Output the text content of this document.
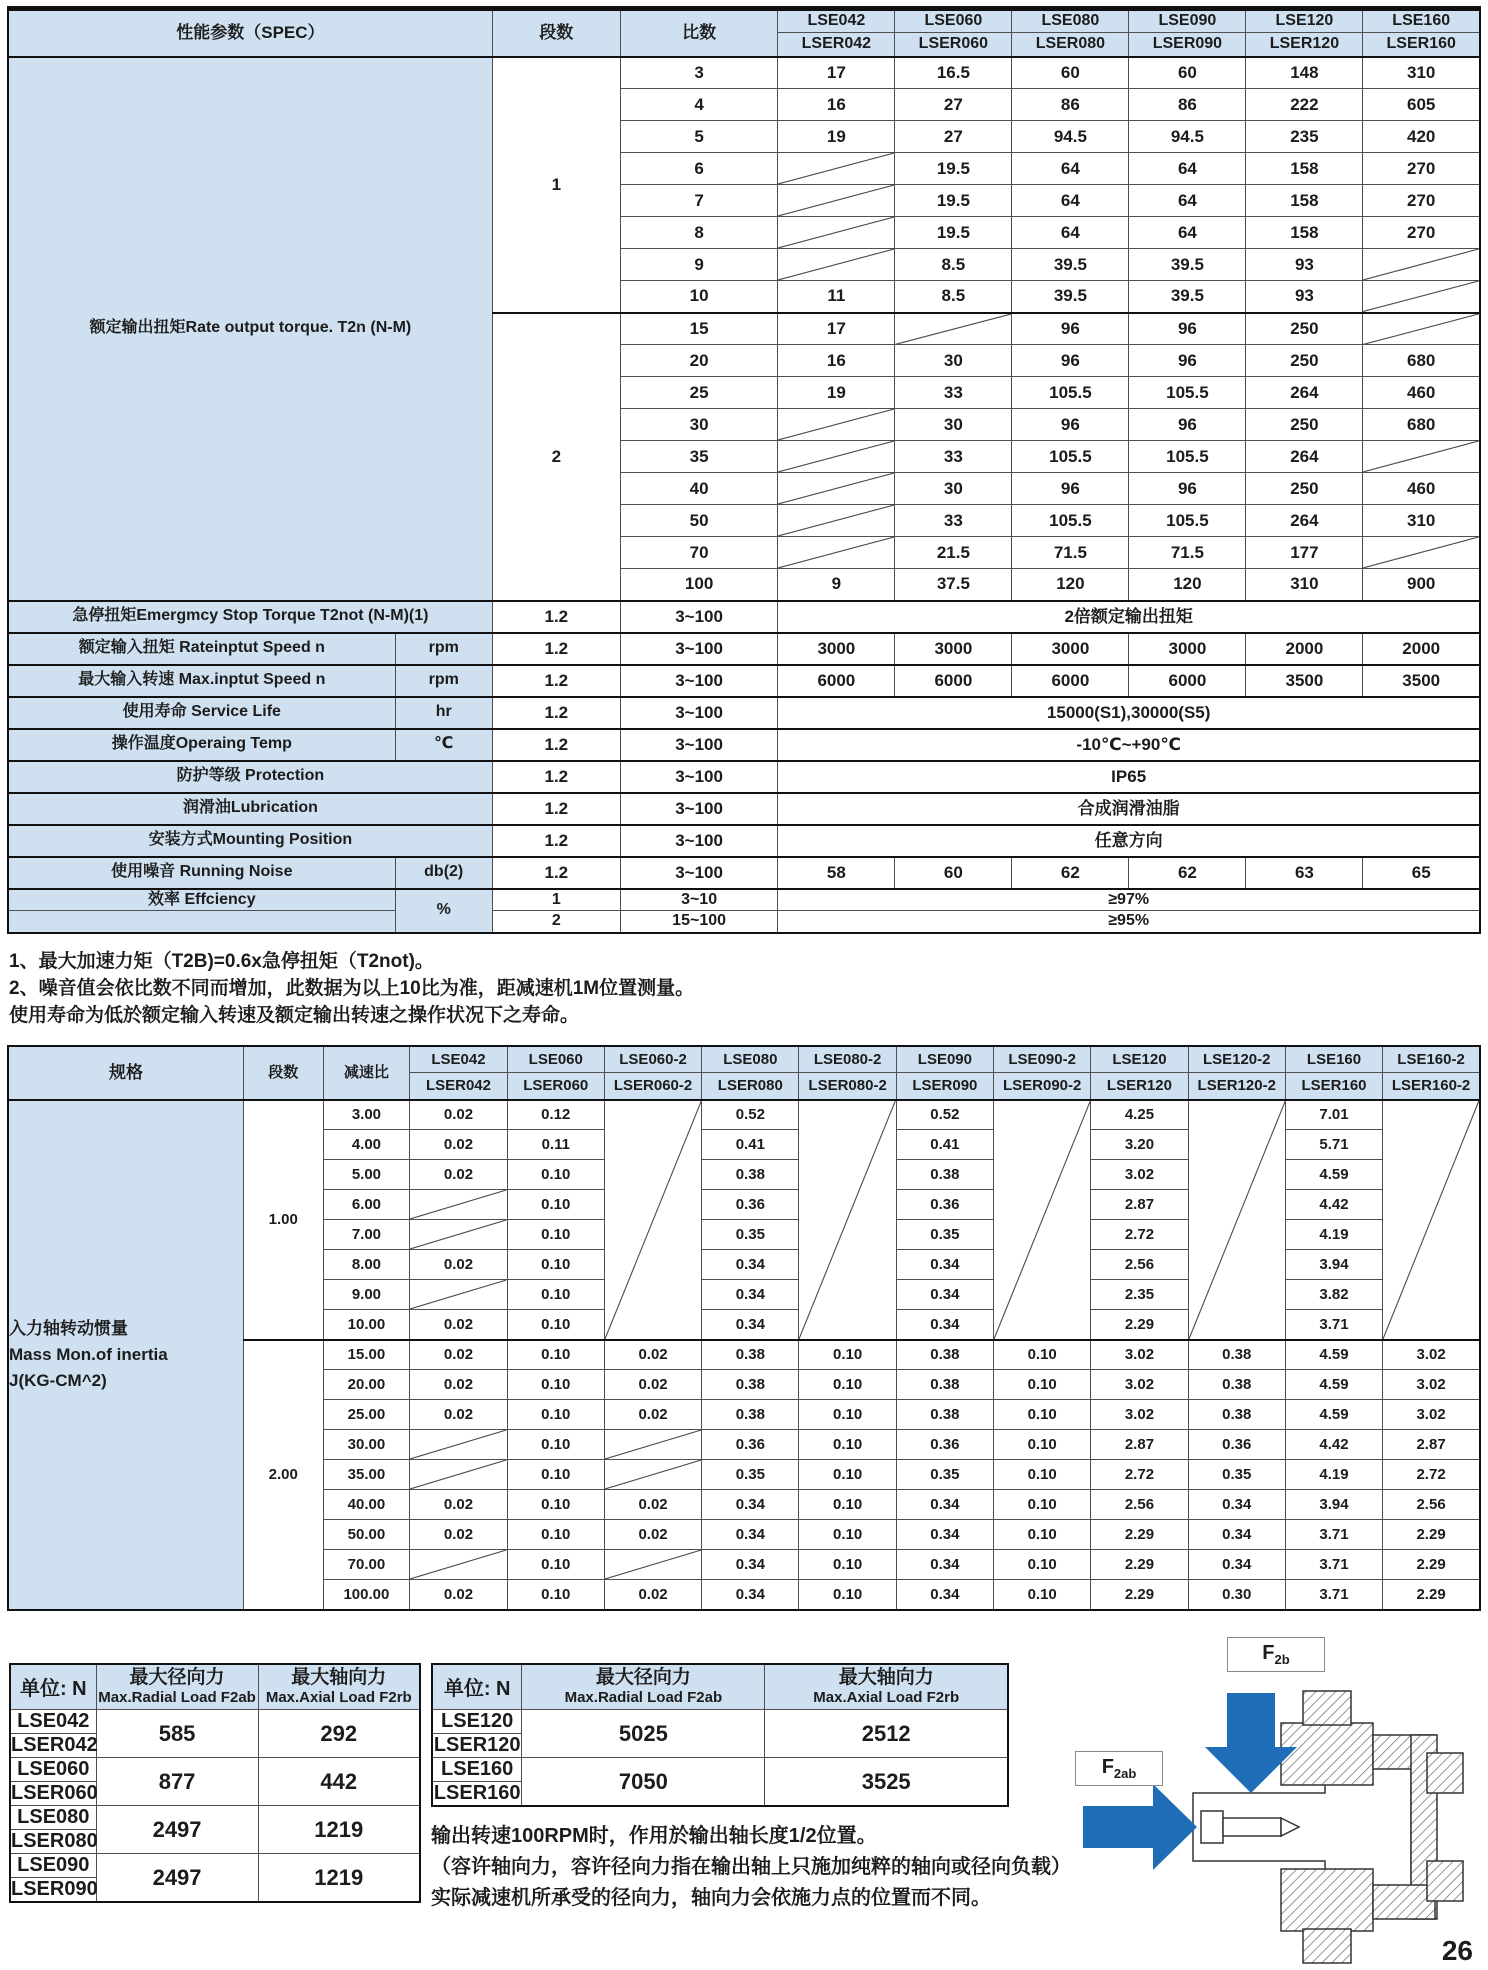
性能参数（SPEC）		段数	比数	LSE042	LSE060	LSE080	LSE090	LSE120	LSE160
				LSER042	LSER060	LSER080	LSER090	LSER120	LSER160
额定输出扭矩Rate output torque. T2n (N-M)		1	3	17	16.5	60	60	148	310
			4	16	27	86	86	222	605
			5	19	27	94.5	94.5	235	420
			6		19.5	64	64	158	270
			7		19.5	64	64	158	270
			8		19.5	64	64	158	270
			9		8.5	39.5	39.5	93	

			10	11	8.5	39.5	39.5	93	

		2	15	17		96	96	250	

			20	16	30	96	96	250	680
			25	19	33	105.5	105.5	264	460
			30		30	96	96	250	680
			35		33	105.5	105.5	264	

			40		30	96	96	250	460
			50		33	105.5	105.5	264	310
			70		21.5	71.5	71.5	177	

			100	9	37.5	120	120	310	900
急停扭矩Emergmcy Stop Torque T2not (N-M)(1)		1.2	3~100	2倍额定输出扭矩					
额定输入扭矩 Rateinptut Speed n	rpm	1.2	3~100	3000	3000	3000	3000	2000	2000
最大输入转速 Max.inptut Speed n	rpm	1.2	3~100	6000	6000	6000	6000	3500	3500
使用寿命 Service Life	hr	1.2	3~100	15000(S1),30000(S5)					
操作温度Operaing Temp	℃	1.2	3~100	-10℃~+90℃					
防护等级 Protection		1.2	3~100	IP65					
润滑油Lubrication		1.2	3~100	合成润滑油脂					
安装方式Mounting Position		1.2	3~100	任意方向					
使用噪音 Running Noise	db(2)	1.2	3~100	58	60	62	62	63	65
效率 Effciency	%	1	3~10	≥97%					
		2	15~100	≥95%					
1、最大加速力矩（T2B)=0.6x急停扭矩（T2not)。
2、噪音值会依比数不同而增加，此数据为以上10比为准，距减速机1M位置测量。
使用寿命为低於额定输入转速及额定输出转速之操作状况下之寿命。
规格	段数	减速比	LSE042	LSE060	LSE060-2	LSE080	LSE080-2	LSE090	LSE090-2	LSE120	LSE120-2	LSE160	LSE160-2
			LSER042	LSER060	LSER060-2	LSER080	LSER080-2	LSER090	LSER090-2	LSER120	LSER120-2	LSER160	LSER160-2

入力轴转动惯量
Mass Mon.of inertia
J(KG-CM^2)	1.00	3.00	0.02	0.12		0.52		0.52		4.25		7.01	

		4.00	0.02	0.11		0.41		0.41		3.20		5.71	
		5.00	0.02	0.10		0.38		0.38		3.02		4.59	
		6.00		0.10		0.36		0.36		2.87		4.42	
		7.00		0.10		0.35		0.35		2.72		4.19	
		8.00	0.02	0.10		0.34		0.34		2.56		3.94	
		9.00		0.10		0.34		0.34		2.35		3.82	
		10.00	0.02	0.10		0.34		0.34		2.29		3.71	
	2.00	15.00	0.02	0.10	0.02	0.38	0.10	0.38	0.10	3.02	0.38	4.59	3.02
		20.00	0.02	0.10	0.02	0.38	0.10	0.38	0.10	3.02	0.38	4.59	3.02
		25.00	0.02	0.10	0.02	0.38	0.10	0.38	0.10	3.02	0.38	4.59	3.02
		30.00		0.10		0.36	0.10	0.36	0.10	2.87	0.36	4.42	2.87
		35.00		0.10		0.35	0.10	0.35	0.10	2.72	0.35	4.19	2.72
		40.00	0.02	0.10	0.02	0.34	0.10	0.34	0.10	2.56	0.34	3.94	2.56
		50.00	0.02	0.10	0.02	0.34	0.10	0.34	0.10	2.29	0.34	3.71	2.29
		70.00		0.10		0.34	0.10	0.34	0.10	2.29	0.34	3.71	2.29
		100.00	0.02	0.10	0.02	0.34	0.10	0.34	0.10	2.29	0.30	3.71	2.29
单位: N	
最大径向力
Max.Radial Load F2ab

最大轴向力
Max.Axial Load F2rb

LSE042	585	292
LSER042		
LSE060	877	442
LSER060		
LSE080	2497	1219
LSER080		
LSE090	2497	1219
LSER090		
单位: N	
最大径向力
Max.Radial Load F2ab

最大轴向力
Max.Axial Load F2rb

LSE120	5025	2512
LSER120		
LSE160	7050	3525
LSER160		
输出转速100RPM时，作用於输出轴长度1/2位置。
（容许轴向力，容许径向力指在输出轴上只施加纯粹的轴向或径向负载）
实际减速机所承受的径向力，轴向力会依施力点的位置而不同。
$F_{2b}$
$F_{2ab}$
26
